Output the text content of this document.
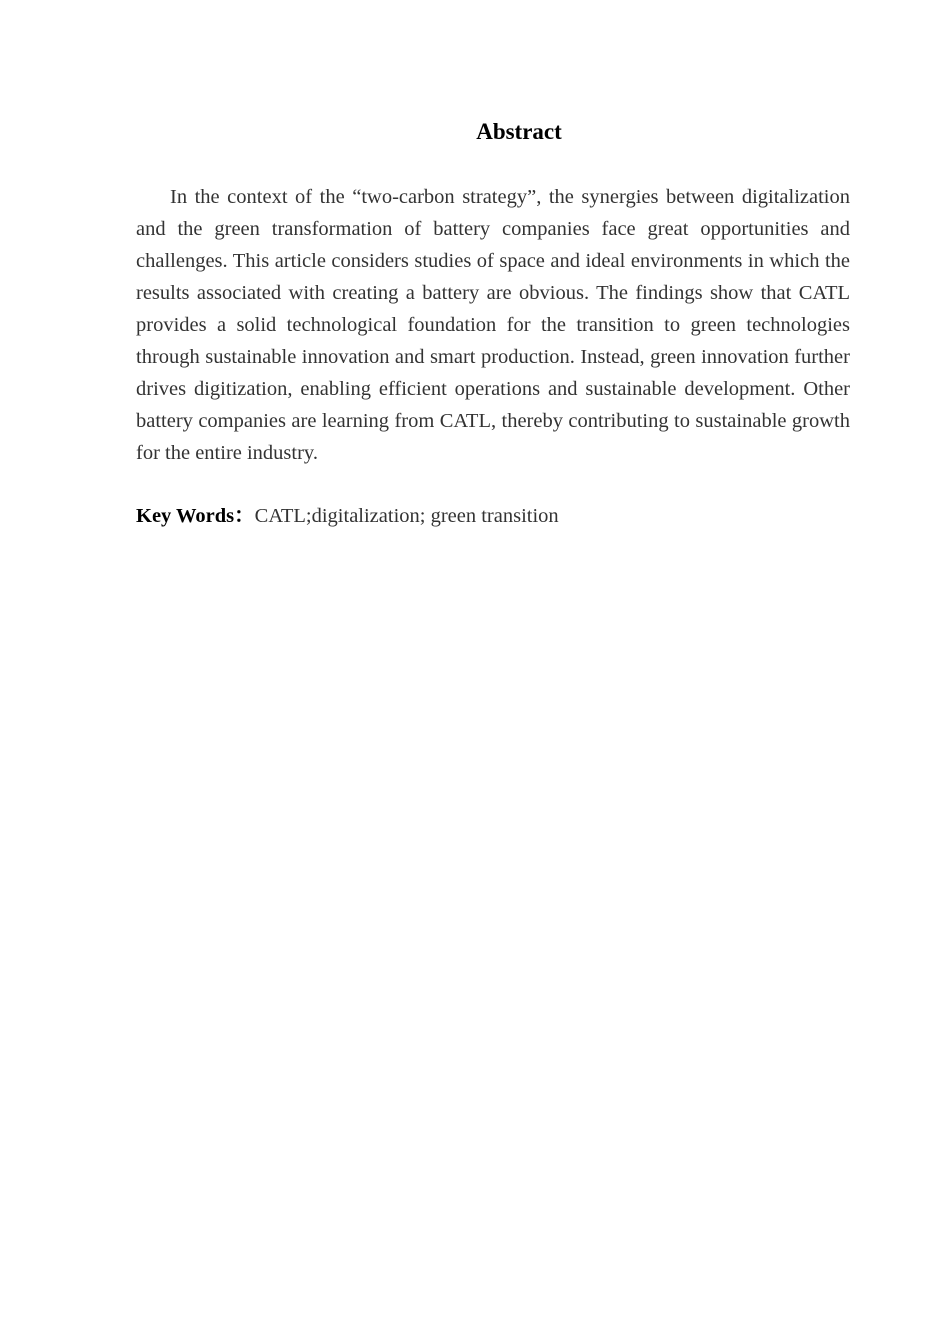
Abstract

In the context of the “two-carbon strategy”, the synergies between digitalization and the green transformation of battery companies face great opportunities and challenges. This article considers studies of space and ideal environments in which the results associated with creating a battery are obvious. The findings show that CATL provides a solid technological foundation for the transition to green technologies through sustainable innovation and smart production. Instead, green innovation further drives digitization, enabling efficient operations and sustainable development. Other battery companies are learning from CATL, thereby contributing to sustainable growth for the entire industry.

Key Words：CATL;digitalization; green transition
